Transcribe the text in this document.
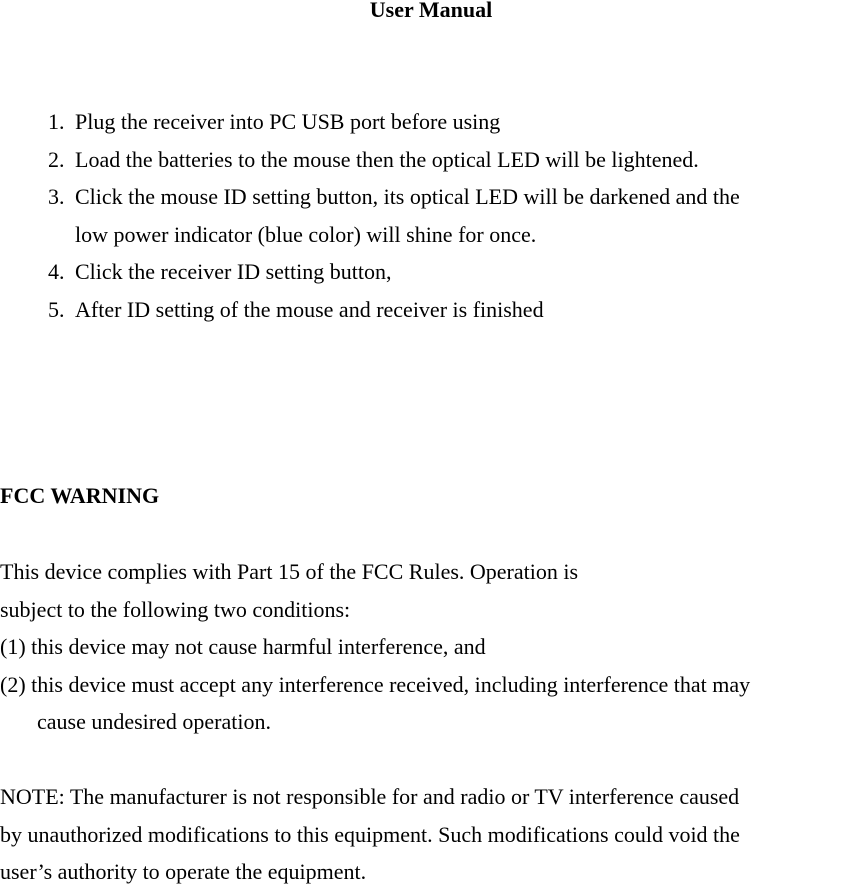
User Manual
1. Plug the receiver into PC USB port before using
2. Load the batteries to the mouse then the optical LED will be lightened.
3. Click the mouse ID setting button, its optical LED will be darkened and the
low power indicator (blue color) will shine for once.
4. Click the receiver ID setting button,
5. After ID setting of the mouse and receiver is finished
FCC WARNING
This device complies with Part 15 of the FCC Rules. Operation is
subject to the following two conditions:
(1) this device may not cause harmful interference, and
(2) this device must accept any interference received, including interference that may
cause undesired operation.
NOTE: The manufacturer is not responsible for and radio or TV interference caused
by unauthorized modifications to this equipment. Such modifications could void the
user’s authority to operate the equipment.
